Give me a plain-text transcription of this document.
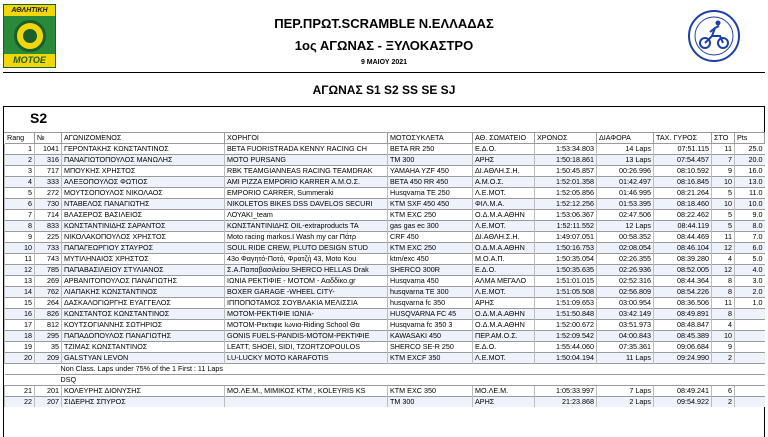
ΑΘΛΗΤΙΚΗ
MOTOE
ΠΕΡ.ΠΡΩΤ.SCRAMBLE Ν.ΕΛΛΑΔΑΣ
1ος ΑΓΩΝΑΣ - ΞΥΛΟΚΑΣΤΡΟ
9 ΜΑΙΟΥ 2021
ΑΓΩΝΑΣ S1 S2 SS SE SJ
S2
Rang	№	ΑΓΩΝΙΖΟΜΕΝΟΣ	ΧΟΡΗΓΟΙ	ΜΟΤΟΣΥΚΛΕΤΑ	ΑΘ. ΣΩΜΑΤΕΙΟ	ΧΡΟΝΟΣ	ΔΙΑΦΟΡΑ	ΤΑΧ. ΓΥΡΟΣ	ΣΤΟ	Pts
1	1041	ΓΕΡΟΝΤΑΚΗΣ ΚΩΝΣΤΑΝΤΙΝΟΣ	BETA FUORISTRADA KENNY RACING CH	BETA RR 250	Ε.Δ.Ο.	1:53:34.803	14 Laps	07:51.115	11	25.0
2	316	ΠΑΝΑΓΙΩΤΟΠΟΥΛΟΣ ΜΑΝΩΛΗΣ	MOTO PURSANG	TM 300	ΑΡΗΣ	1:50:18.861	13 Laps	07:54.457	7	20.0
3	717	ΜΠΟΥΚΗΣ ΧΡΗΣΤΟΣ	RBK TEAMGIANNEAS RACING TEAMDRAK	YAMAHA YZF 450	ΔΙ.ΑΘΛΗ.Σ.Η.	1:50:45.857	00:26.996	08:10.592	9	16.0
4	333	ΑΛΕΞΟΠΟΥΛΟΣ ΦΩΤΙΟΣ	AMI PIZZA EMPORIO KARRER A.M.O.Σ.	BETA 450 RR 450	Α.Μ.Ο.Σ.	1:52:01.358	01:42.497	08:16.845	10	13.0
5	272	ΜΟΥΤΣΟΠΟΥΛΟΣ ΝΙΚΟΛΑΟΣ	EMPORIO CARRER, Summeraki	Husqvarna TE 250	Λ.Ε.ΜΟΤ.	1:52:05.856	01:46.995	08:21.264	5	11.0
6	730	ΝΤΑΒΕΛΟΣ ΠΑΝΑΓΙΩΤΗΣ	NIKOLETOS BIKES DSS DAVELOS SECURI	KTM SXF 450 450	ΦΙΛ.Μ.Α.	1:52:12.256	01:53.395	08:18.460	10	10.0
7	714	ΒΛΑΣΕΡΟΣ ΒΑΣΙΛΕΙΟΣ	ΛΟΥΑΚΙ_team	KTM EXC 250	Ο.Δ.Μ.Α.ΑΘΗΝ	1:53:06.367	02:47.506	08:22.462	5	9.0
8	833	ΚΩΝΣΤΑΝΤΙΝΙΔΗΣ ΣΑΡΑΝΤΟΣ	ΚΩΝΣΤΑΝΤΙΝΙΔΗΣ OIL-extraproducts TA	gas gas ec 300	Λ.Ε.ΜΟΤ.	1:52:11.552	12 Laps	08:44.119	5	8.0
9	225	ΝΙΚΟΛΑΚΟΠΟΥΛΟΣ ΧΡΗΣΤΟΣ	Moto racing markos.I Wash my car Πάτρ	CRF 450	ΔΙ.ΑΘΛΗ.Σ.Η.	1:49:07.051	00:58.352	08:44.469	11	7.0
10	733	ΠΑΠΑΓΕΩΡΓΙΟΥ ΣΤΑΥΡΟΣ	SOUL RIDE CREW, PLUTO DESIGN STUD	KTM EXC 250	Ο.Δ.Μ.Α.ΑΘΗΝ	1:50:16.753	02:08.054	08:46.104	12	6.0
11	743	ΜΥΤΙΛΗΝΑΙΟΣ ΧΡΗΣΤΟΣ	43ο Φαγητό-Ποτό, Φρατζή 43, Moto Kou	ktm/exc 450	Μ.Ο.Α.Π.	1:50:35.054	02:26.355	08:39.280	4	5.0
12	785	ΠΑΠΑΒΑΣΙΛΕΙΟΥ ΣΤΥΛΙΑΝΟΣ	Σ.Α.Παπαβασιλείου SHERCO HELLAS Drak	SHERCO 300R	Ε.Δ.Ο.	1:50:35.635	02:26.936	08:52.005	12	4.0
13	269	ΑΡΒΑΝΙΤΟΠΟΥΛΟΣ ΠΑΝΑΓΙΩΤΗΣ	ΙΩΝΙΑ ΡΕΚΤΙΦΙΕ - ΜΟΤΟΜ - Ααδδίκο.gr	Husqvarna 450	ΑΛΜΑ ΜΕΓΑΛΟ	1:51:01.015	02:52.316	08:44.364	8	3.0
14	762	ΛΙΑΠΑΚΗΣ ΚΩΝΣΤΑΝΤΙΝΟΣ	BOXER GARAGE -WHEEL CITY-	husqvarna TE 300	Λ.Ε.ΜΟΤ.	1:51:05.508	02:56.809	08:54.226	8	2.0
15	264	ΔΑΣΚΑΛΟΓΙΩΡΓΗΣ ΕΥΑΓΓΕΛΟΣ	ΙΠΠΟΠΟΤΑΜΟΣ ΣΟΥΒΛΑΚΙΑ ΜΕΛΙΣΣΙΑ	husqvarna fc 350	ΑΡΗΣ	1:51:09.653	03:00.954	08:36.506	11	1.0
16	826	ΚΩΝΣΤΑΝΤΟΣ ΚΩΝΣΤΑΝΤΙΝΟΣ	ΜΟΤΟΜ-ΡΕΚΤΙΦΙΕ ΙΩΝΙΑ-	HUSQVARNA FC 45	Ο.Δ.Μ.Α.ΑΘΗΝ	1:51:50.848	03:42.149	08:49.891	8	
17	812	ΚΟΥΤΣΟΓΙΑΝΝΗΣ ΣΩΤΗΡΙΟΣ	ΜΟΤΟΜ-Ρεκτιφιε Ιωνια-Riding School Θα	Husqvarna fc 350 3	Ο.Δ.Μ.Α.ΑΘΗΝ	1:52:00.672	03:51.973	08:48.847	4	
18	295	ΠΑΠΑΔΟΠΟΥΛΟΣ ΠΑΝΑΓΙΩΤΗΣ	GONIS FUELS-PANDIS-MOTOM-ΡΕΚΤΙΦΙΕ	KAWASAKI 450	ΠΕΡ.ΑΜ.Ο.Σ.	1:52:09.542	04:00.843	08:45.389	10	
19	35	ΤΖΙΜΑΣ ΚΩΝΣΤΑΝΤΙΝΟΣ	LEATT, SHOEI, SIDI, TZORTZOPOULOS	SHERCO SE-R 250	Ε.Δ.Ο.	1:55:44.060	07:35.361	09:06.684	9	
20	209	GALSTYAN LEVON	LU-LUCKY MOTO KARAFOTIS	KTM EXCF 350	Λ.Ε.ΜΟΤ.	1:50:04.194	11 Laps	09:24.990	2	
Non Class. Laps under 75% of the 1 First : 11 Laps										
DSQ										
21	201	ΚΟΛΕΥΡΗΣ ΔΙΟΝΥΣΗΣ	ΜΟ.ΛΕ.Μ., ΜΙΜΙΚΟΣ ΚΤΜ , KOLEYRIS KS	KTM EXC 350	ΜΟ.ΛΕ.Μ.	1:05:33.997	7 Laps	08:49.241	6	
22	207	ΣΙΔΕΡΗΣ ΣΠΥΡΟΣ		TM 300	ΑΡΗΣ	21:23.868	2 Laps	09:54.922	2	
